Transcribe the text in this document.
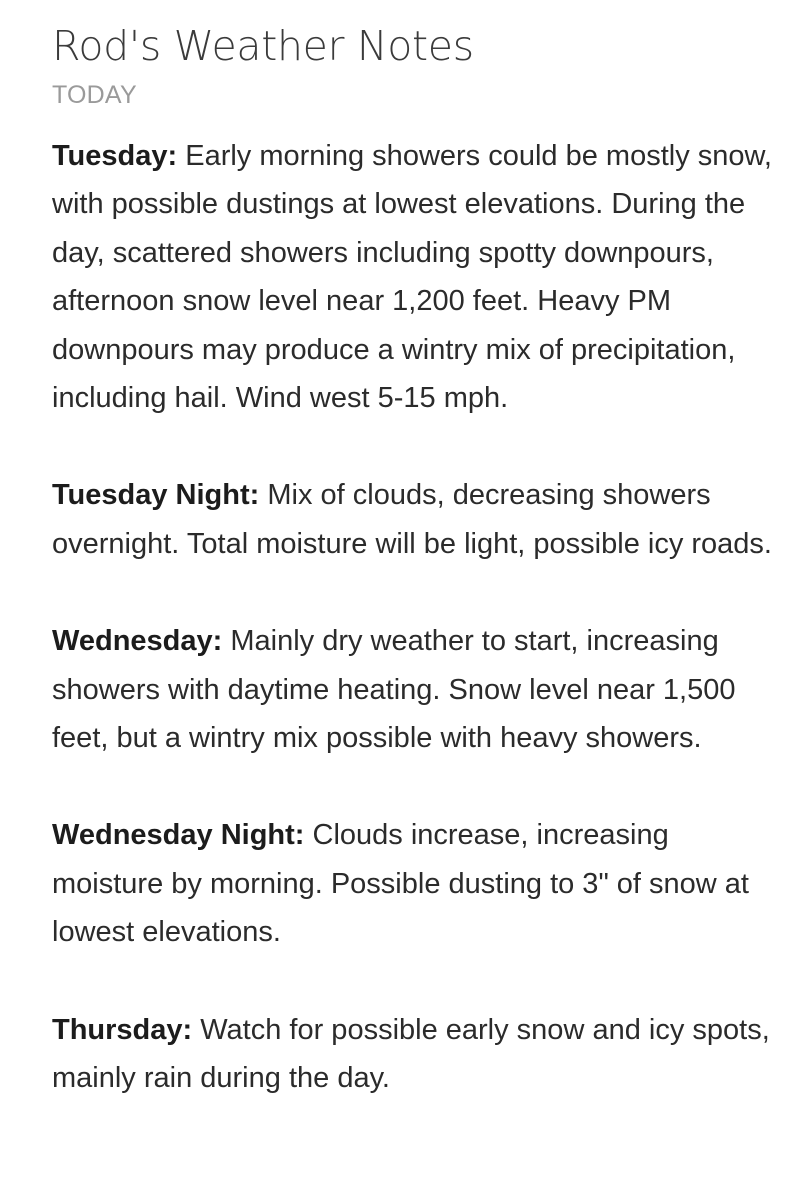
Rod's Weather Notes
TODAY

Tuesday: Early morning showers could be mostly snow, with possible dustings at lowest elevations. During the day, scattered showers including spotty downpours, afternoon snow level near 1,200 feet. Heavy PM downpours may produce a wintry mix of precipitation, including hail. Wind west 5-15 mph.

Tuesday Night: Mix of clouds, decreasing showers overnight. Total moisture will be light, possible icy roads.

Wednesday: Mainly dry weather to start, increasing showers with daytime heating. Snow level near 1,500 feet, but a wintry mix possible with heavy showers.

Wednesday Night: Clouds increase, increasing moisture by morning. Possible dusting to 3" of snow at lowest elevations.

Thursday: Watch for possible early snow and icy spots, mainly rain during the day.
